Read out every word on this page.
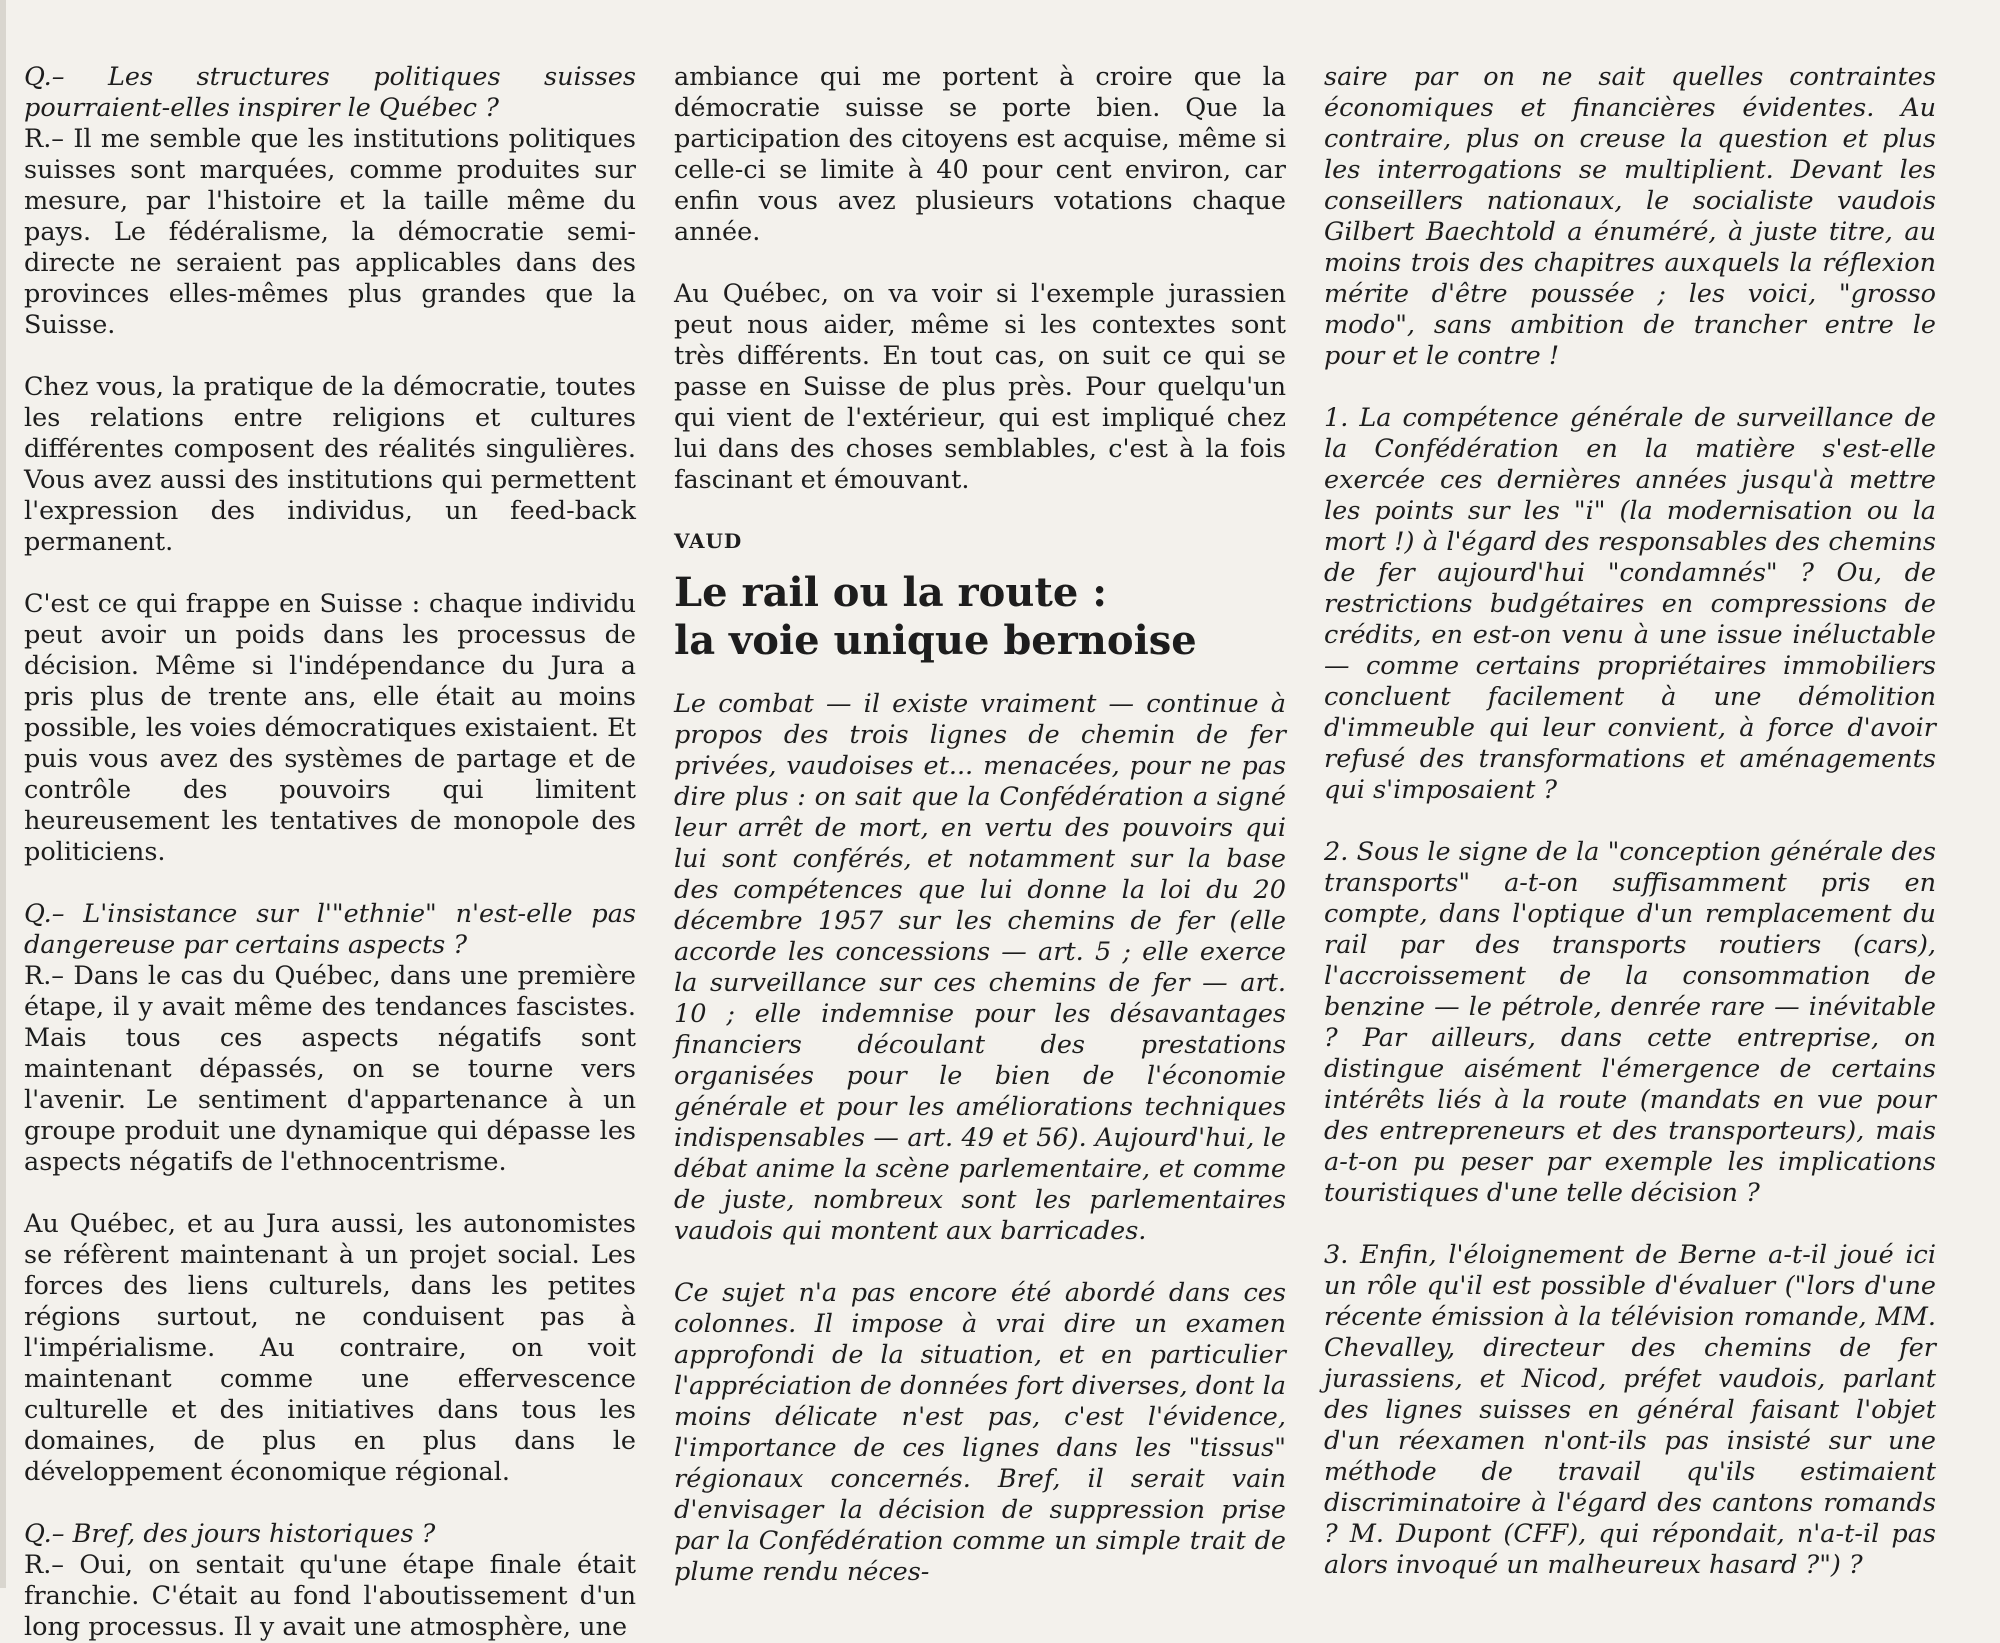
Q.– Les structures politiques suisses pourraient-elles inspirer le Québec ?
R.– Il me semble que les institutions politiques suisses sont marquées, comme produites sur mesure, par l'histoire et la taille même du pays. Le fédéralisme, la démocratie semi-directe ne seraient pas applicables dans des provinces elles-mêmes plus grandes que la Suisse.

Chez vous, la pratique de la démocratie, toutes les relations entre religions et cultures différentes composent des réalités singulières. Vous avez aussi des institutions qui permettent l'expression des individus, un feed-back permanent.

C'est ce qui frappe en Suisse : chaque individu peut avoir un poids dans les processus de décision. Même si l'indépendance du Jura a pris plus de trente ans, elle était au moins possible, les voies démocratiques existaient. Et puis vous avez des systèmes de partage et de contrôle des pouvoirs qui limitent heureusement les tentatives de monopole des politiciens.

Q.– L'insistance sur l'"ethnie" n'est-elle pas dangereuse par certains aspects ?
R.– Dans le cas du Québec, dans une première étape, il y avait même des tendances fascistes. Mais tous ces aspects négatifs sont maintenant dépassés, on se tourne vers l'avenir. Le sentiment d'appartenance à un groupe produit une dynamique qui dépasse les aspects négatifs de l'ethnocentrisme.

Au Québec, et au Jura aussi, les autonomistes se réfèrent maintenant à un projet social. Les forces des liens culturels, dans les petites régions surtout, ne conduisent pas à l'impérialisme. Au contraire, on voit maintenant comme une effervescence culturelle et des initiatives dans tous les domaines, de plus en plus dans le développement économique régional.

Q.– Bref, des jours historiques ?
R.– Oui, on sentait qu'une étape finale était franchie. C'était au fond l'aboutissement d'un long processus. Il y avait une atmosphère, une

ambiance qui me portent à croire que la démocratie suisse se porte bien. Que la participation des citoyens est acquise, même si celle-ci se limite à 40 pour cent environ, car enfin vous avez plusieurs votations chaque année.

Au Québec, on va voir si l'exemple jurassien peut nous aider, même si les contextes sont très différents. En tout cas, on suit ce qui se passe en Suisse de plus près. Pour quelqu'un qui vient de l'extérieur, qui est impliqué chez lui dans des choses semblables, c'est à la fois fascinant et émouvant.

VAUD
Le rail ou la route :
la voie unique bernoise

Le combat — il existe vraiment — continue à propos des trois lignes de chemin de fer privées, vaudoises et... menacées, pour ne pas dire plus : on sait que la Confédération a signé leur arrêt de mort, en vertu des pouvoirs qui lui sont conférés, et notamment sur la base des compétences que lui donne la loi du 20 décembre 1957 sur les chemins de fer (elle accorde les concessions — art. 5 ; elle exerce la surveillance sur ces chemins de fer — art. 10 ; elle indemnise pour les désavantages financiers découlant des prestations organisées pour le bien de l'économie générale et pour les améliorations techniques indispensables — art. 49 et 56). Aujourd'hui, le débat anime la scène parlementaire, et comme de juste, nombreux sont les parlementaires vaudois qui montent aux barricades.

Ce sujet n'a pas encore été abordé dans ces colonnes. Il impose à vrai dire un examen approfondi de la situation, et en particulier l'appréciation de données fort diverses, dont la moins délicate n'est pas, c'est l'évidence, l'importance de ces lignes dans les "tissus" régionaux concernés. Bref, il serait vain d'envisager la décision de suppression prise par la Confédération comme un simple trait de plume rendu néces-

saire par on ne sait quelles contraintes économiques et financières évidentes. Au contraire, plus on creuse la question et plus les interrogations se multiplient. Devant les conseillers nationaux, le socialiste vaudois Gilbert Baechtold a énuméré, à juste titre, au moins trois des chapitres auxquels la réflexion mérite d'être poussée ; les voici, "grosso modo", sans ambition de trancher entre le pour et le contre !

1. La compétence générale de surveillance de la Confédération en la matière s'est-elle exercée ces dernières années jusqu'à mettre les points sur les "i" (la modernisation ou la mort !) à l'égard des responsables des chemins de fer aujourd'hui "condamnés" ? Ou, de restrictions budgétaires en compressions de crédits, en est-on venu à une issue inéluctable — comme certains propriétaires immobiliers concluent facilement à une démolition d'immeuble qui leur convient, à force d'avoir refusé des transformations et aménagements qui s'imposaient ?

2. Sous le signe de la "conception générale des transports" a-t-on suffisamment pris en compte, dans l'optique d'un remplacement du rail par des transports routiers (cars), l'accroissement de la consommation de benzine — le pétrole, denrée rare — inévitable ? Par ailleurs, dans cette entreprise, on distingue aisément l'émergence de certains intérêts liés à la route (mandats en vue pour des entrepreneurs et des transporteurs), mais a-t-on pu peser par exemple les implications touristiques d'une telle décision ?

3. Enfin, l'éloignement de Berne a-t-il joué ici un rôle qu'il est possible d'évaluer ("lors d'une récente émission à la télévision romande, MM. Chevalley, directeur des chemins de fer jurassiens, et Nicod, préfet vaudois, parlant des lignes suisses en général faisant l'objet d'un réexamen n'ont-ils pas insisté sur une méthode de travail qu'ils estimaient discriminatoire à l'égard des cantons romands ? M. Dupont (CFF), qui répondait, n'a-t-il pas alors invoqué un malheureux hasard ?") ?
